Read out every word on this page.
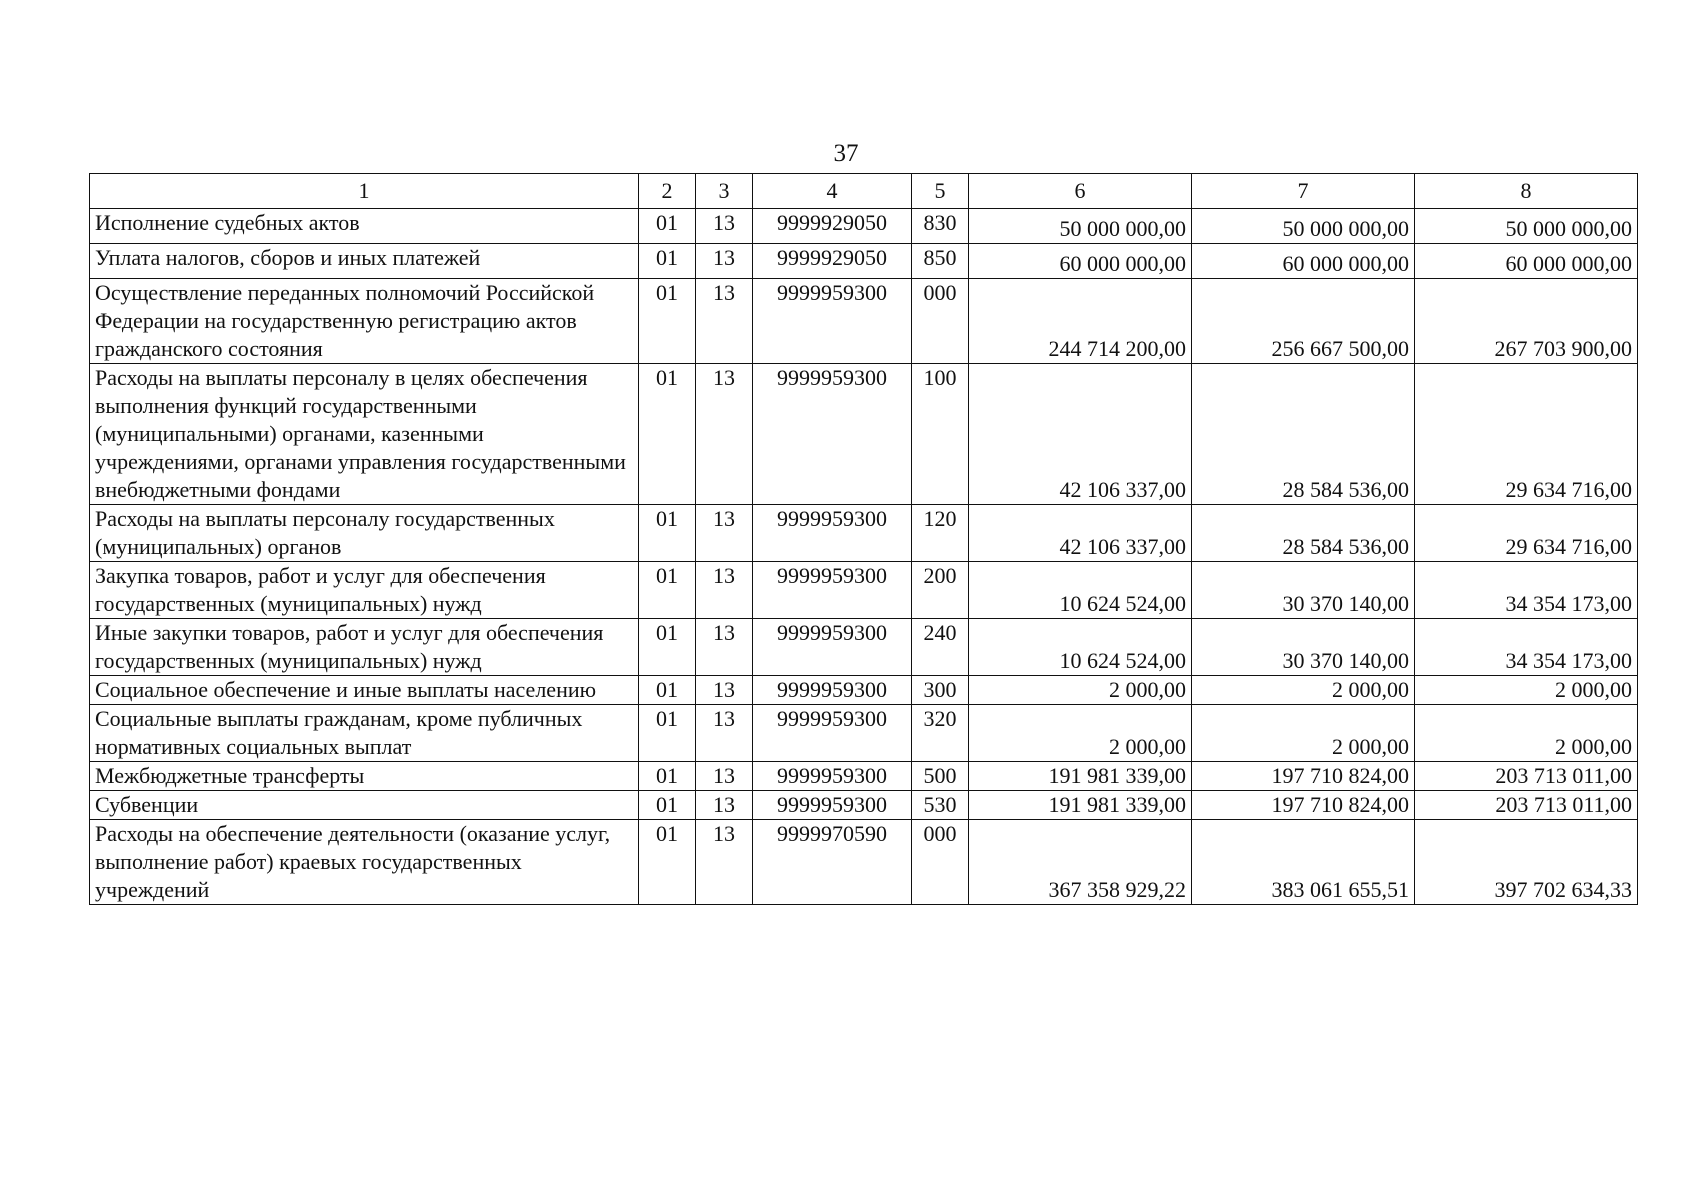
37
1	2	3	4	5	6	7	8
Исполнение судебных актов	01	13	9999929050	830	50 000 000,00	50 000 000,00	50 000 000,00
Уплата налогов, сборов и иных платежей	01	13	9999929050	850	60 000 000,00	60 000 000,00	60 000 000,00
Осуществление переданных полномочий Российской Федерации на государственную регистрацию актов гражданского состояния	01	13	9999959300	000	244 714 200,00	256 667 500,00	267 703 900,00
Расходы на выплаты персоналу в целях обеспечения выполнения функций государственными (муниципальными) органами, казенными учреждениями, органами управления государственными внебюджетными фондами	01	13	9999959300	100	42 106 337,00	28 584 536,00	29 634 716,00
Расходы на выплаты персоналу государственных (муниципальных) органов	01	13	9999959300	120	42 106 337,00	28 584 536,00	29 634 716,00
Закупка товаров, работ и услуг для обеспечения государственных (муниципальных) нужд	01	13	9999959300	200	10 624 524,00	30 370 140,00	34 354 173,00
Иные закупки товаров, работ и услуг для обеспечения государственных (муниципальных) нужд	01	13	9999959300	240	10 624 524,00	30 370 140,00	34 354 173,00
Социальное обеспечение и иные выплаты населению	01	13	9999959300	300	2 000,00	2 000,00	2 000,00
Социальные выплаты гражданам, кроме публичных нормативных социальных выплат	01	13	9999959300	320	2 000,00	2 000,00	2 000,00
Межбюджетные трансферты	01	13	9999959300	500	191 981 339,00	197 710 824,00	203 713 011,00
Субвенции	01	13	9999959300	530	191 981 339,00	197 710 824,00	203 713 011,00
Расходы на обеспечение деятельности (оказание услуг, выполнение работ) краевых государственных учреждений	01	13	9999970590	000	367 358 929,22	383 061 655,51	397 702 634,33
